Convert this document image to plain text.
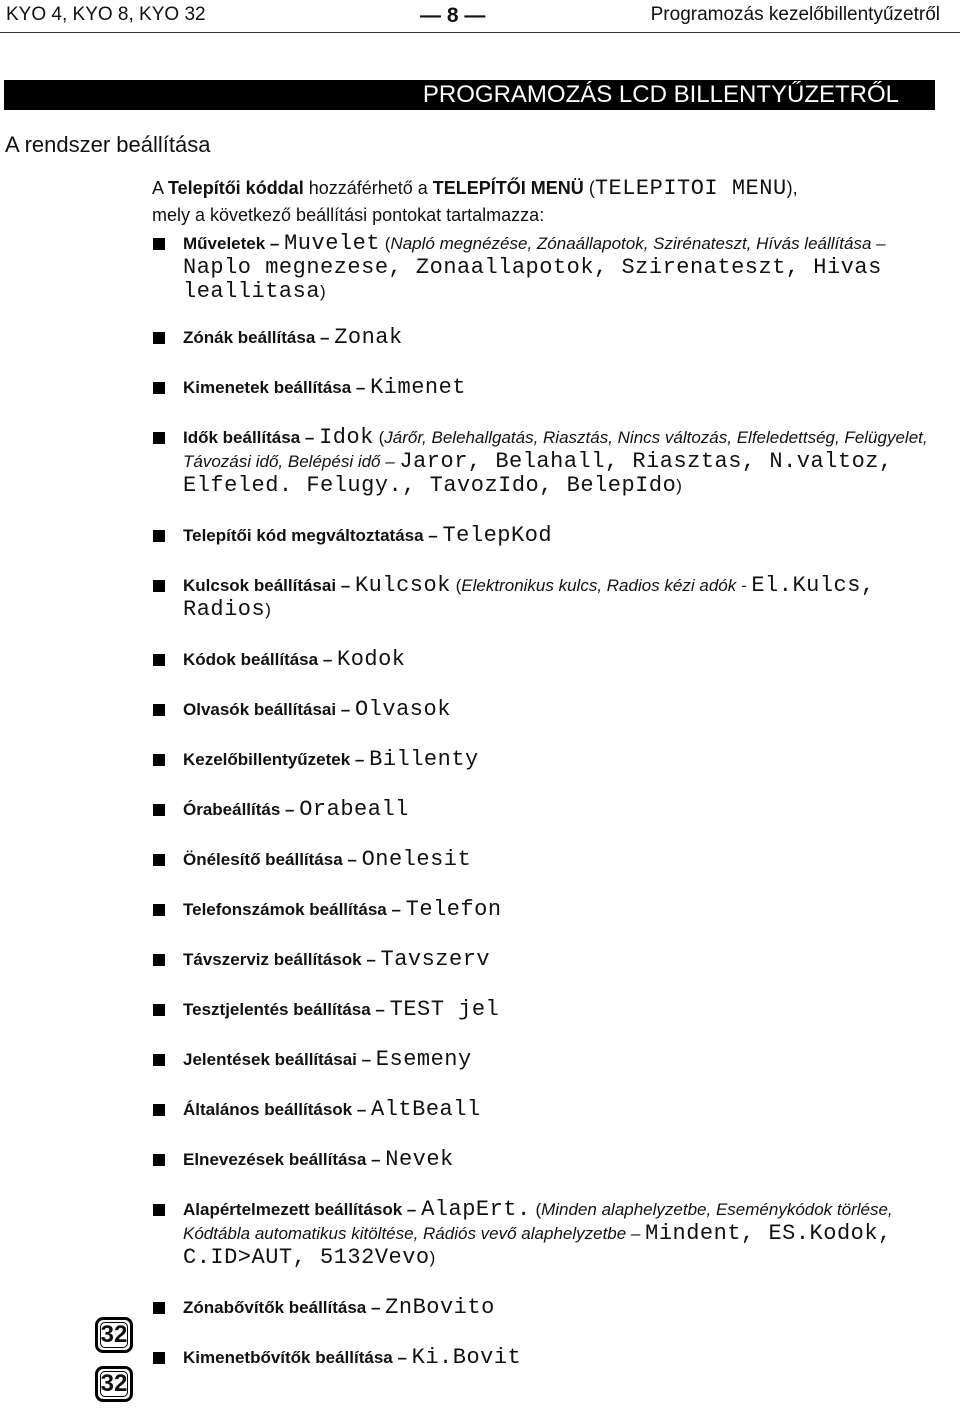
KYO 4, KYO 8, KYO 32	— 8 —	Programozás kezelőbillentyűzetről
PROGRAMOZÁS LCD BILLENTYŰZETRŐL
A rendszer beállítása
A Telepítői kóddal hozzáférhető a TELEPÍTŐI MENÜ (TELEPITOI MENU),
mely a következő beállítási pontokat tartalmazza:
Műveletek – Muvelet (Napló megnézése, Zónaállapotok, Szirénateszt, Hívás leállítása – Naplo megnezese, Zonaallapotok, Szirenateszt, Hivas leallitasa)
Zónák beállítása – Zonak
Kimenetek beállítása – Kimenet
Idők beállítása – Idok (Járőr, Belehallgatás, Riasztás, Nincs változás, Elfeledettség, Felügyelet, Távozási idő, Belépési idő – Jaror, Belahall, Riasztas, N.valtoz, Elfeled. Felugy., TavozIdo, BelepIdo)
Telepítői kód megváltoztatása – TelepKod
Kulcsok beállításai – Kulcsok (Elektronikus kulcs, Radios kézi adók - El.Kulcs, Radios)
Kódok beállítása – Kodok
Olvasók beállításai – Olvasok
Kezelőbillentyűzetek – Billenty
Órabeállítás – Orabeall
Önélesítő beállítása – Onelesit
Telefonszámok beállítása – Telefon
Távszerviz beállítások – Tavszerv
Tesztjelentés beállítása – TEST jel
Jelentések beállításai – Esemeny
Általános beállítások – AltBeall
Elnevezések beállítása – Nevek
Alapértelmezett beállítások – AlapErt. (Minden alaphelyzetbe, Eseménykódok törlése, Kódtábla automatikus kitöltése, Rádiós vevő alaphelyzetbe – Mindent, ES.Kodok, C.ID>AUT, 5132Vevo)
Zónabővítők beállítása – ZnBovito
Kimenetbővítők beállítása – Ki.Bovit
32
32
